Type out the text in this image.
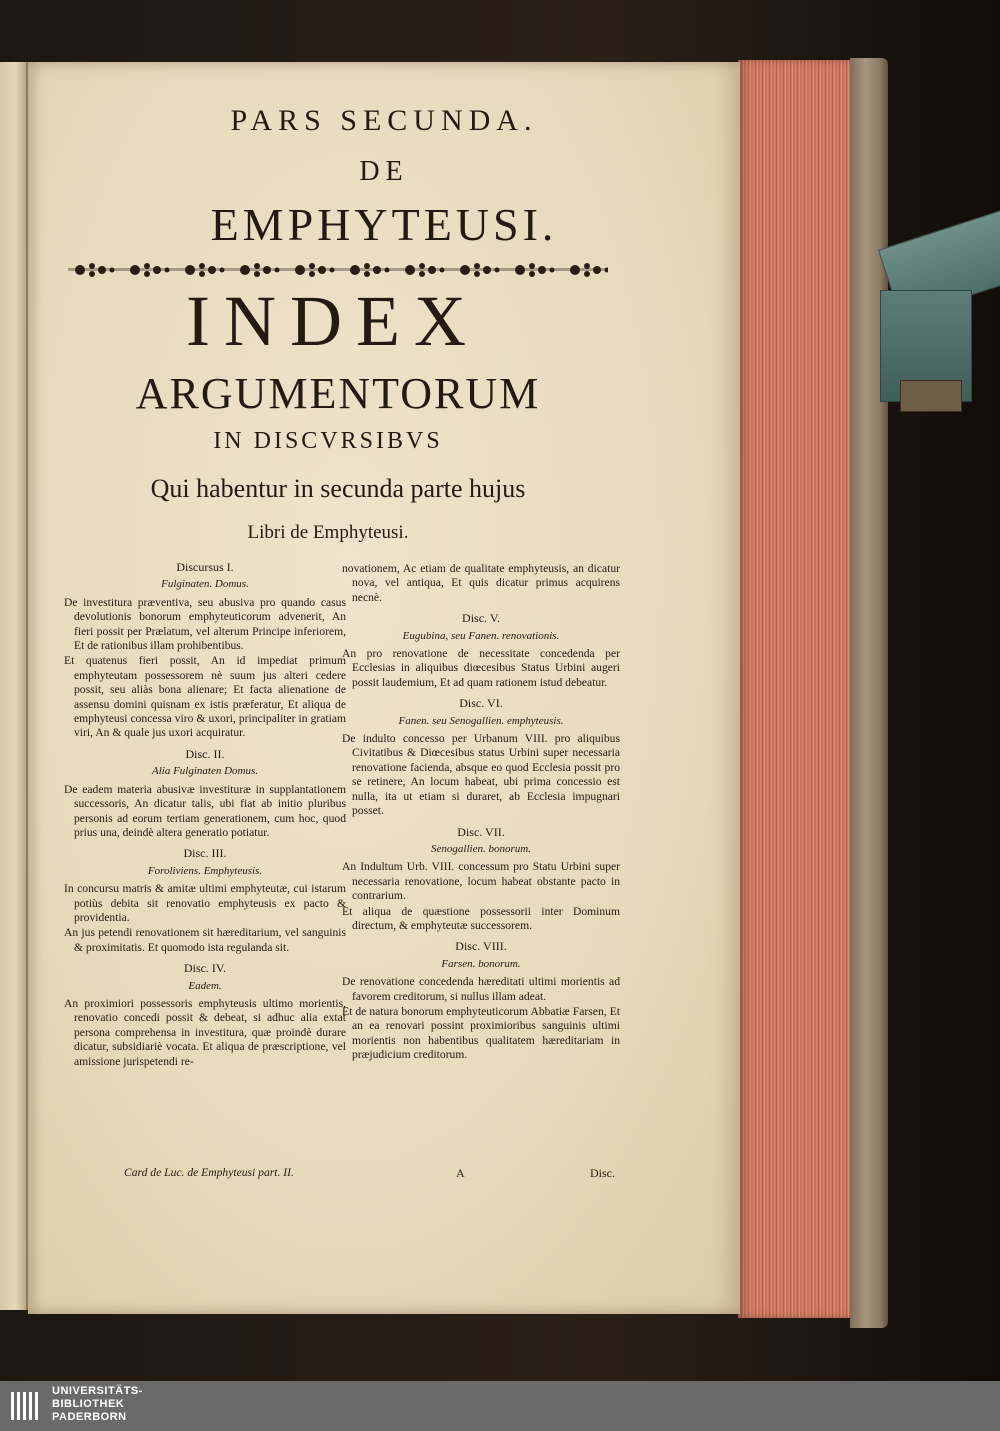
PARS SECUNDA.
DE
EMPHYTEUSI.
INDEX
ARGUMENTORUM
IN DISCVRSIBVS
Qui habentur in secunda parte hujus
Libri de Emphyteusi.
Discursus I.
Fulginaten. Domus.
De investitura præventiva, seu abusiva pro quando casus devolutionis bonorum emphyteuticorum advenerit, An fieri possit per Prælatum, vel alterum Principe inferiorem, Et de rationibus illam prohibentibus.
Et quatenus fieri possit, An id impediat primum emphyteutam possessorem nè suum jus alteri cedere possit, seu aliàs bona alienare; Et facta alienatione de assensu domini quisnam ex istis præferatur, Et aliqua de emphyteusi concessa viro & uxori, principaliter in gratiam viri, An & quale jus uxori acquiratur.
Disc. II.
Alia Fulginaten Domus.
De eadem materia abusivæ investituræ in supplantationem successoris, An dicatur talis, ubi fiat ab initio pluribus personis ad eorum tertiam generationem, cum hoc, quod prius una, deindè altera generatio potiatur.
Disc. III.
Foroliviens. Emphyteusis.
In concursu matris & amitæ ultimi emphyteutæ, cui istarum potiùs debita sit renovatio emphyteusis ex pacto & providentia.
An jus petendi renovationem sit hæreditarium, vel sanguinis & proximitatis. Et quomodo ista regulanda sit.
Disc. IV.
Eadem.
An proximiori possessoris emphyteusis ultimo morientis, renovatio concedi possit & debeat, si adhuc alia extat persona comprehensa in investitura, quæ proindè durare dicatur, subsidiariè vocata. Et aliqua de præscriptione, vel amissione jurispetendi re-
novationem, Ac etiam de qualitate emphyteusis, an dicatur nova, vel antiqua, Et quis dicatur primus acquirens necnè.
Disc. V.
Eugubina, seu Fanen. renovationis.
An pro renovatione de necessitate concedenda per Ecclesias in aliquibus diœcesibus Status Urbini augeri possit laudemium, Et ad quam rationem istud debeatur.
Disc. VI.
Fanen. seu Senogallien. emphyteusis.
De indulto concesso per Urbanum VIII. pro aliquibus Civitatibus & Diœcesibus status Urbini super necessaria renovatione facienda, absque eo quod Ecclesia possit pro se retinere, An locum habeat, ubi prima concessio est nulla, ita ut etiam si duraret, ab Ecclesia impugnari posset.
Disc. VII.
Senogallien. bonorum.
An Indultum Urb. VIII. concessum pro Statu Urbini super necessaria renovatione, locum habeat obstante pacto in contrarium.
Et aliqua de quæstione possessorii inter Dominum directum, & emphyteutæ successorem.
Disc. VIII.
Farsen. bonorum.
De renovatione concedenda hæreditati ultimi morientis ad favorem creditorum, si nullus illam adeat.
Et de natura bonorum emphyteuticorum Abbatiæ Farsen, Et an ea renovari possint proximioribus sanguinis ultimi morientis non habentibus qualitatem hæreditariam in præjudicium creditorum.
Card de Luc. de Emphyteusi part. II.	A	Disc.
UNIVERSITÄTS-
BIBLIOTHEK
PADERBORN
